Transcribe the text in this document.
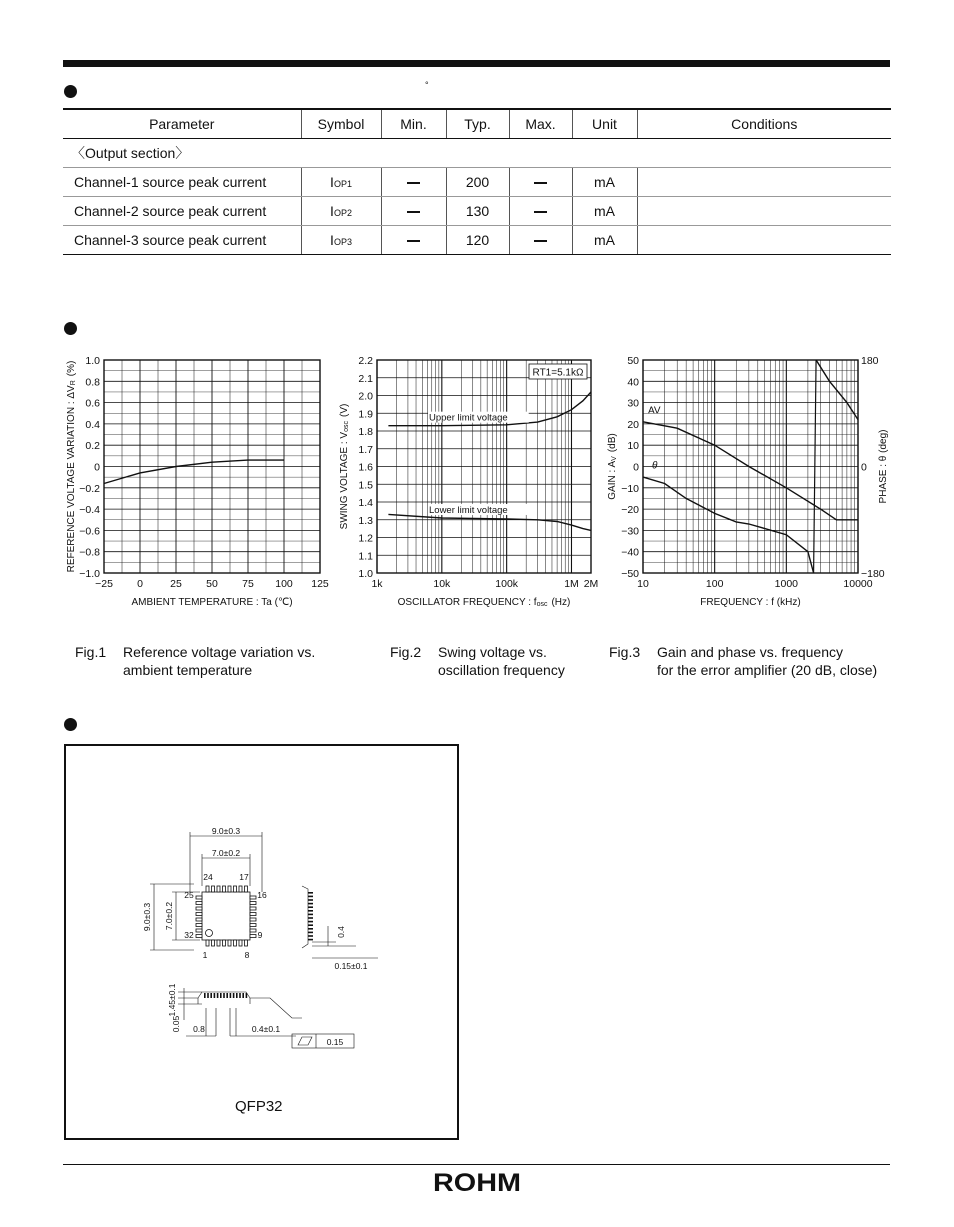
°
Parameter	Symbol	Min.	Typ.	Max.	Unit	Conditions
〈Output section〉						
Channel-1 source peak current	IOP1		200		mA	
Channel-2 source peak current	IOP2		130		mA	
Channel-3 source peak current	IOP3		120		mA	
1.0
0.8
0.6
0.4
0.2
0
−0.2
−0.4
−0.6
−0.8
−1.0
−25 0	25 50 75 100 125
AMBIENT TEMPERATURE : Ta (℃)
REFERENCE VOLTAGE VARIATION : ΔVR(%)	2.2
2.1
2.0
1.9
1.8
1.7
1.6
1.5
1.4
1.3
1.2
1.1
1.0
1k	10k	100k	1M 2M
OSCILLATOR FREQUENCY : fosc (Hz)
SWING VOLTAGE : Vosc(V)
RT1=5.1kΩ
Upper limit voltage
Lower limit voltage
50
40
30
20
10
0
−10
−20
−30
−40
−50
10	100	1000	10000
FREQUENCY : f (kHz)
GAIN : AV(dB)	PHASE : θ (deg)
180
0
−180
AV
θ
Fig.1 Reference voltage variation vs.
ambient temperature
Fig.2 Swing voltage vs.
oscillation frequency
Fig.3 Gain and phase vs. frequency
for the error amplifier (20 dB, close)
9.0±0.3
7.0±0.2
9.0±0.3 7.0±0.2
24	17
25	16
32	9
1	8
0.4
0.15±0.1
1.45±0.1
0.05 0.8	0.4±0.1
0.15
QFP32
ROHM
